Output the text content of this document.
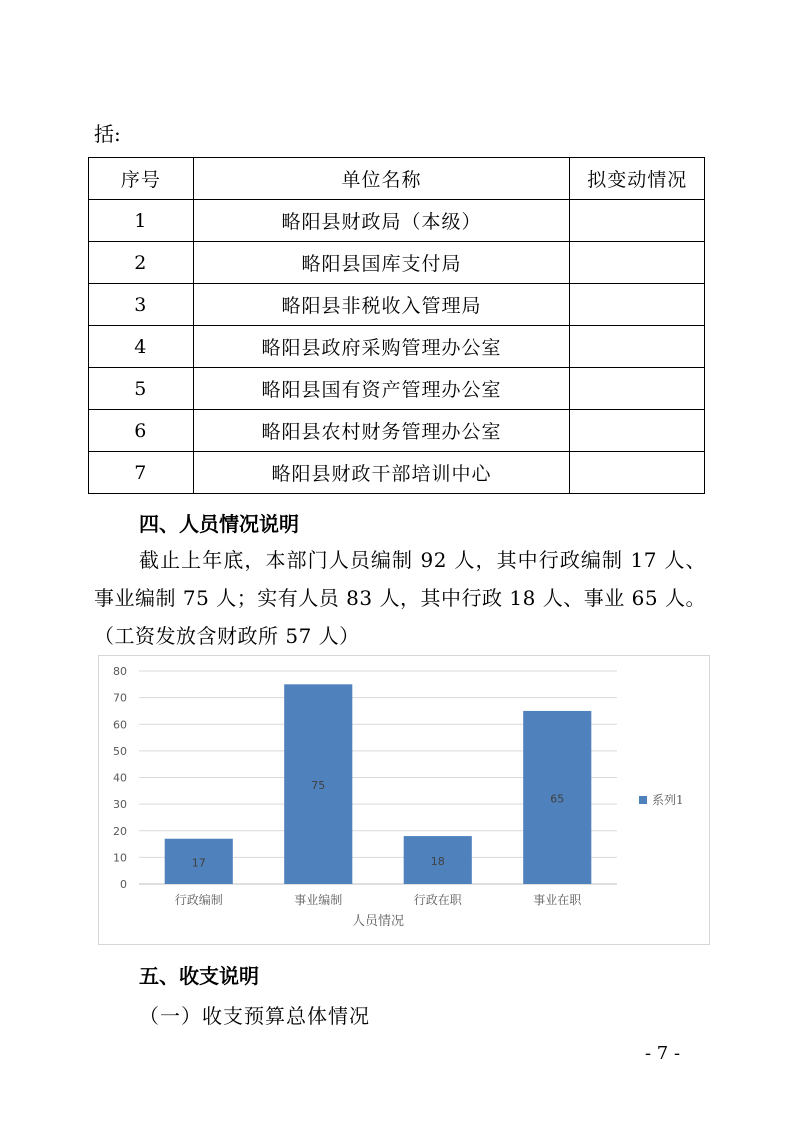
括:
序号	单位名称	拟变动情况
1	略阳县财政局（本级）	
2	略阳县国库支付局	
3	略阳县非税收入管理局	
4	略阳县政府采购管理办公室	
5	略阳县国有资产管理办公室	
6	略阳县农村财务管理办公室	
7	略阳县财政干部培训中心	
四、人员情况说明
截止上年底，本部门人员编制 92 人，其中行政编制 17 人、事业编制 75 人；实有人员 83 人，其中行政 18 人、事业 65 人。（工资发放含财政所 57 人）
0
10
20
30
40
50
60
70
80
17
行政编制
75
事业编制
18
行政在职
65
事业在职
人员情况
系列1
五、收支说明
（一）收支预算总体情况
- 7 -
